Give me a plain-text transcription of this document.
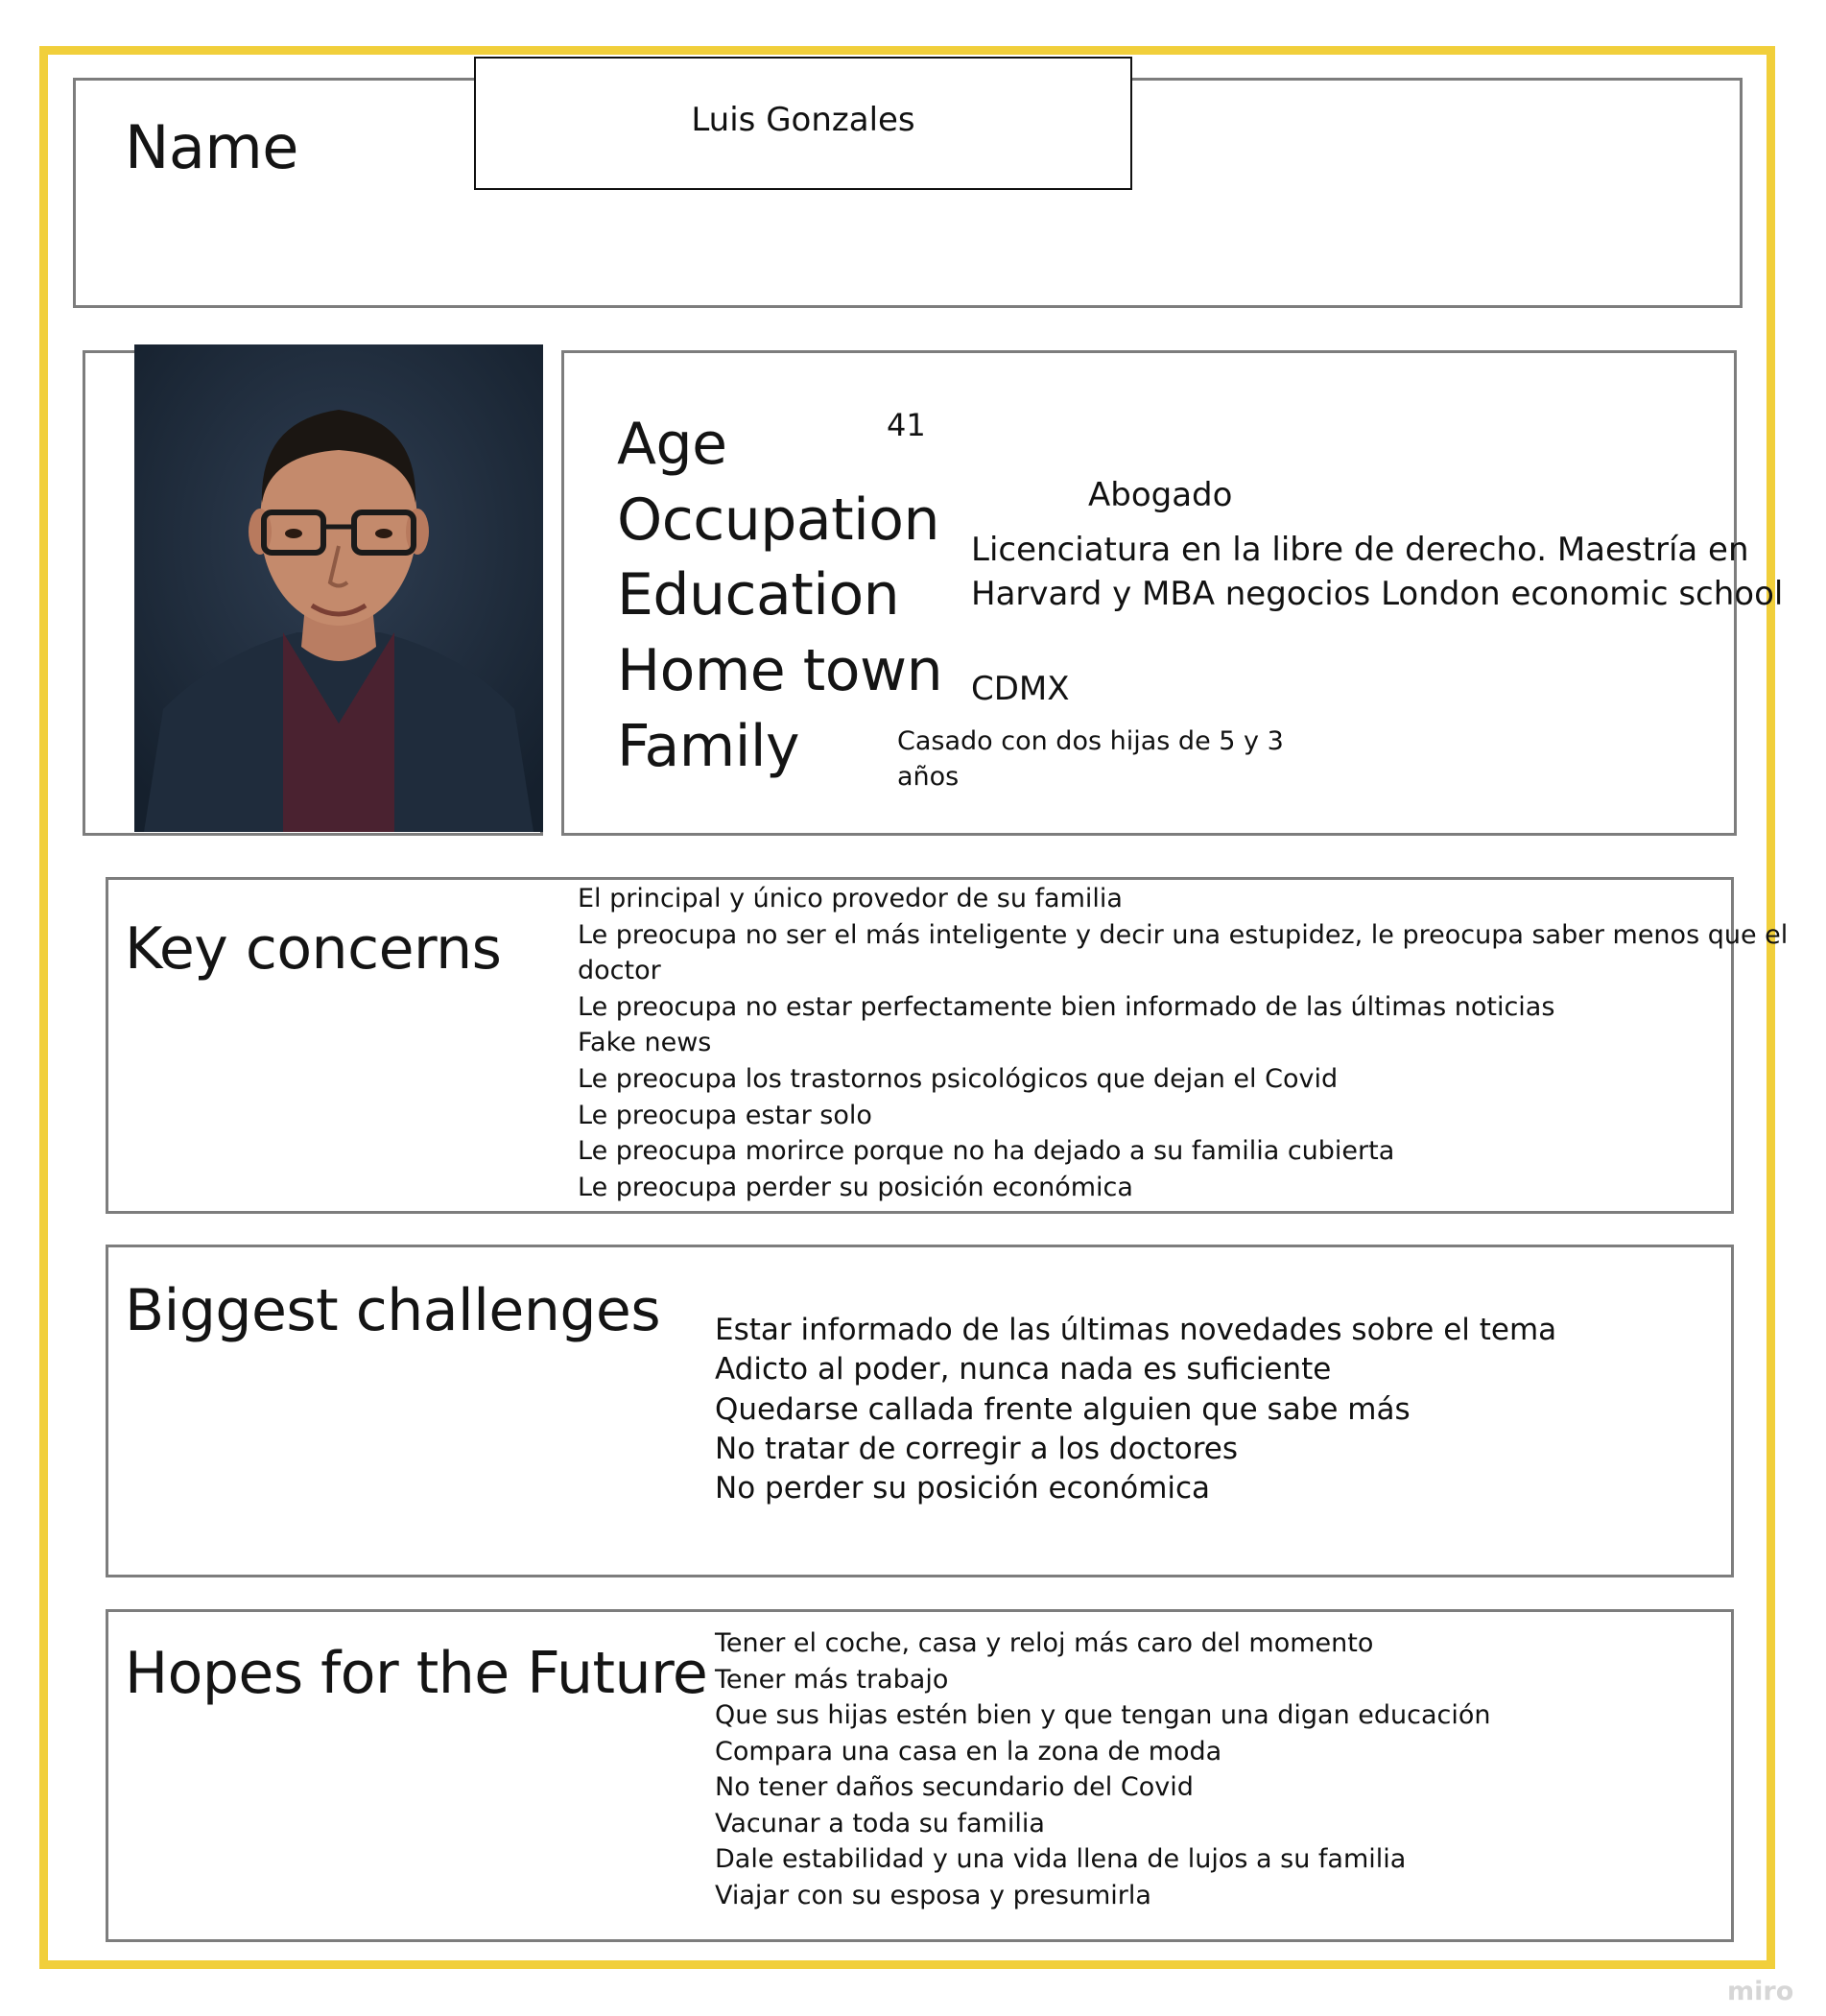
Name	Luis Gonzales
Age
Occupation
Education
Home town
Family
41
Abogado
Licenciatura en la libre de derecho. Maestría en
Harvard y MBA negocios London economic school
CDMX
Casado con dos hijas de 5 y 3
años
Key concerns
El principal y único provedor de su familia
Le preocupa no ser el más inteligente y decir una estupidez, le preocupa saber menos que el
doctor
Le preocupa no estar perfectamente bien informado de las últimas noticias
Fake news
Le preocupa los trastornos psicológicos que dejan el Covid
Le preocupa estar solo
Le preocupa morirce porque no ha dejado a su familia cubierta
Le preocupa perder su posición económica
Biggest challenges Estar informado de las últimas novedades sobre el tema
Adicto al poder, nunca nada es suficiente
Quedarse callada frente alguien que sabe más
No tratar de corregir a los doctores
No perder su posición económica
Hopes for the Future Tener el coche, casa y reloj más caro del momento
Tener más trabajo
Que sus hijas estén bien y que tengan una digan educación
Compara una casa en la zona de moda
No tener daños secundario del Covid
Vacunar a toda su familia
Dale estabilidad y una vida llena de lujos a su familia
Viajar con su esposa y presumirla
miro
